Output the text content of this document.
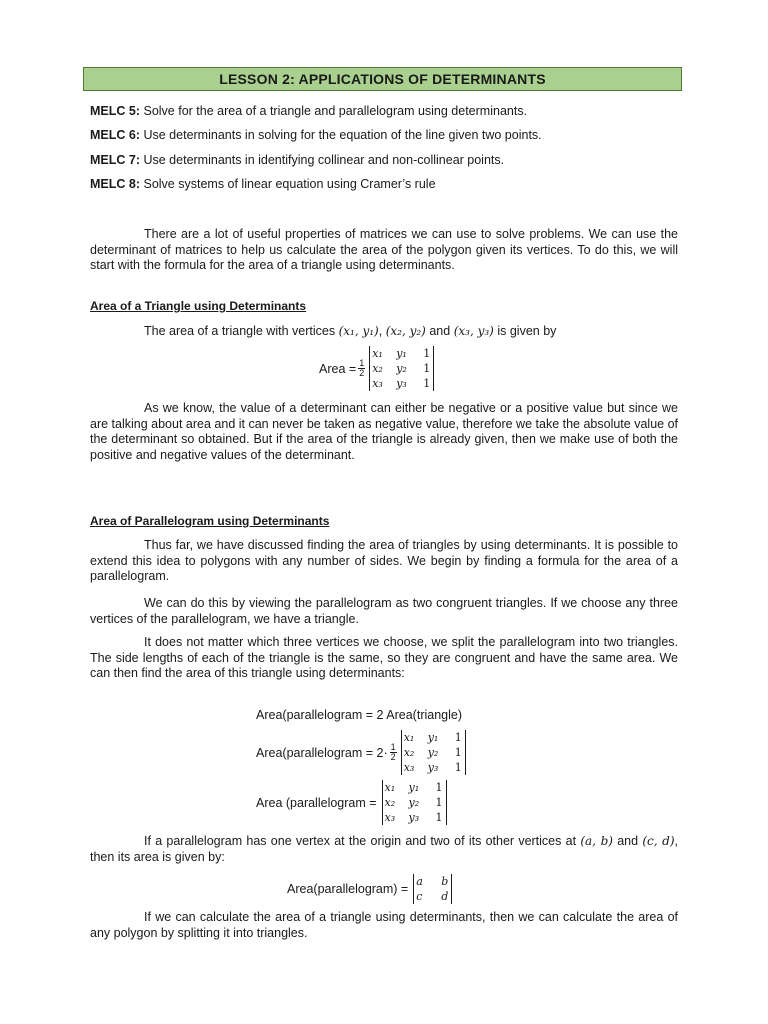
LESSON 2: APPLICATIONS OF DETERMINANTS
MELC 5: Solve for the area of a triangle and parallelogram using determinants.
MELC 6: Use determinants in solving for the equation of the line given two points.
MELC 7: Use determinants in identifying collinear and non-collinear points.
MELC 8: Solve systems of linear equation using Cramer’s rule

There are a lot of useful properties of matrices we can use to solve problems. We can use the determinant of matrices to help us calculate the area of the polygon given its vertices. To do this, we will start with the formula for the area of a triangle using determinants.

Area of a Triangle using Determinants
The area of a triangle with vertices (x₁, y₁), (x₂, y₂) and (x₃, y₃) is given by
Area = $\frac{1}{2}$
x₁	y₁	1
x₂	y₂	1
x₃	y₃	1

As we know, the value of a determinant can either be negative or a positive value but since we are talking about area and it can never be taken as negative value, therefore we take the absolute value of the determinant so obtained. But if the area of the triangle is already given, then we make use of both the positive and negative values of the determinant.

Area of Parallelogram using Determinants

Thus far, we have discussed finding the area of triangles by using determinants. It is possible to extend this idea to polygons with any number of sides. We begin by finding a formula for the area of a parallelogram.

We can do this by viewing the parallelogram as two congruent triangles. If we choose any three vertices of the parallelogram, we have a triangle.

It does not matter which three vertices we choose, we split the parallelogram into two triangles. The side lengths of each of the triangle is the same, so they are congruent and have the same area. We can then find the area of this triangle using determinants:

Area(parallelogram = 2 Area(triangle)
Area(parallelogram = $2\cdot \frac{1}{2}$
x₁	y₁	1
x₂	y₂	1
x₃	y₃	1
Area (parallelogram =
x₁	y₁	1
x₂	y₂	1
x₃	y₃	1

If a parallelogram has one vertex at the origin and two of its other vertices at (a, b) and (c, d), then its area is given by:

Area(parallelogram) =
a	b
c	d

If we can calculate the area of a triangle using determinants, then we can calculate the area of any polygon by splitting it into triangles.
